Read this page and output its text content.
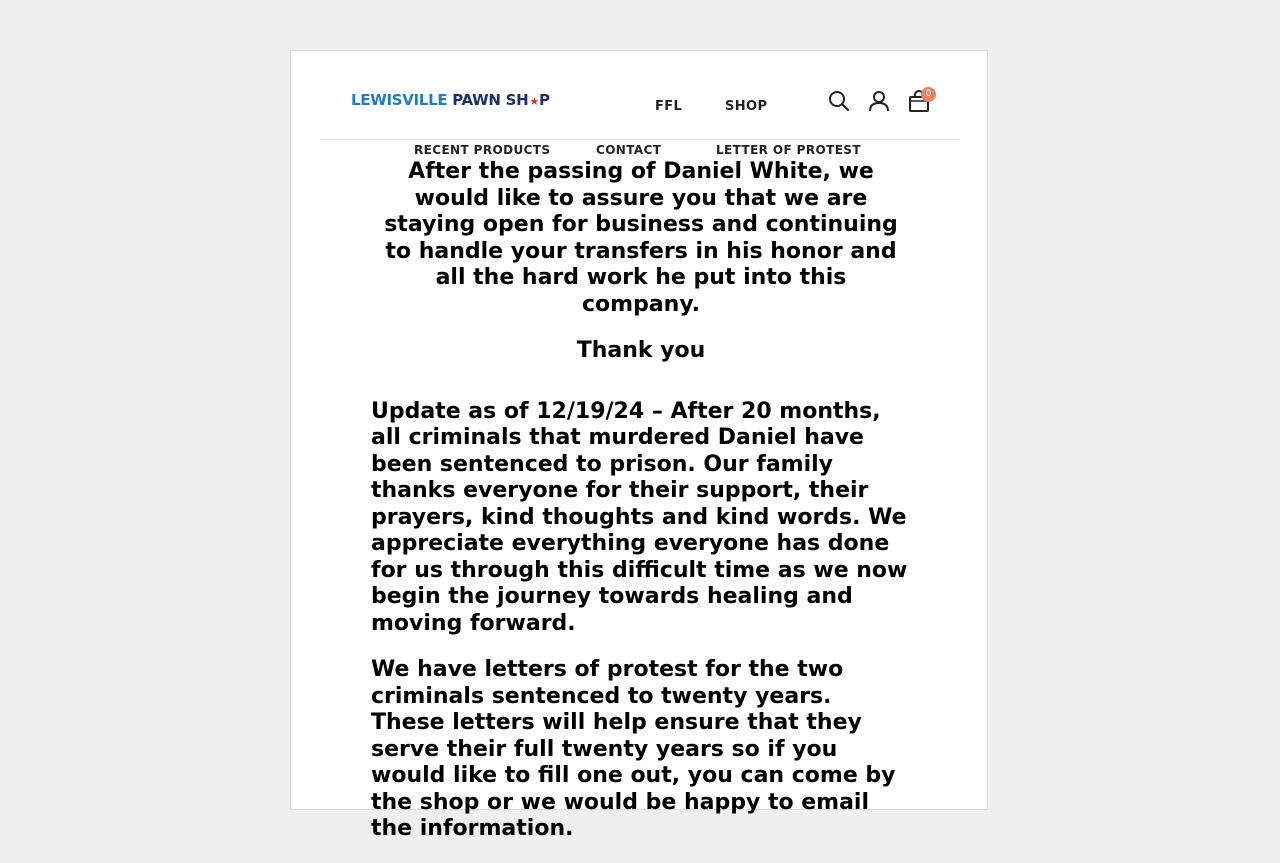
LEWISVILLE PAWN SH★P	FFL	SHOP
0
RECENT PRODUCTS	CONTACT	LETTER OF PROTEST

After the passing of Daniel White, we would like to assure you that we are staying open for business and continuing to handle your transfers in his honor and all the hard work he put into this company.

Thank you

Update as of 12/19/24 – After 20 months, all criminals that murdered Daniel have been sentenced to prison. Our family thanks everyone for their support, their prayers, kind thoughts and kind words. We appreciate everything everyone has done for us through this difficult time as we now begin the journey towards healing and moving forward.

We have letters of protest for the two criminals sentenced to twenty years. These letters will help ensure that they serve their full twenty years so if you would like to fill one out, you can come by the shop or we would be happy to email the information.
